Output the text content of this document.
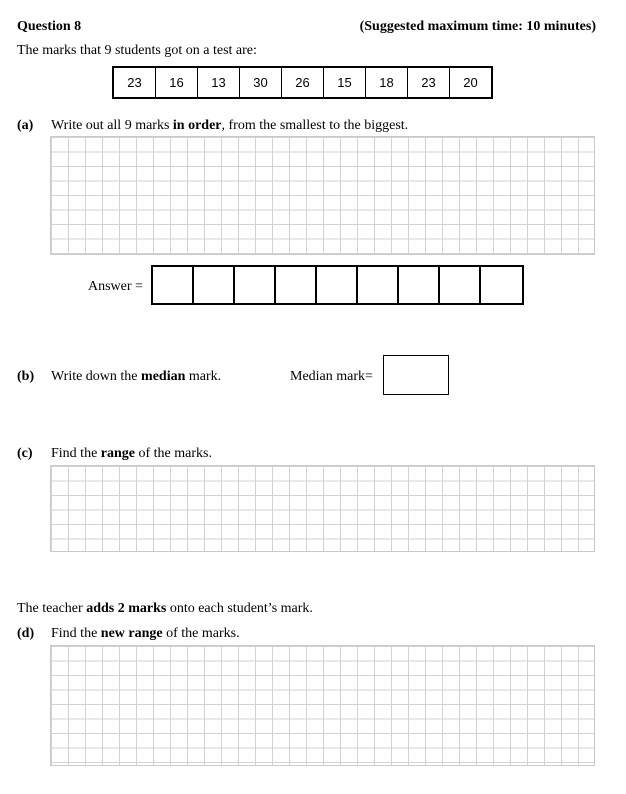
Question 8	(Suggested maximum time: 10 minutes)
The marks that 9 students got on a test are:
23	16	13	30	26	15	18	23	20
(a) Write out all 9 marks in order, from the smallest to the biggest.
Answer =
(b) Write down the median mark.	Median mark=
(c) Find the range of the marks.
The teacher adds 2 marks onto each student’s mark.
(d) Find the new range of the marks.
